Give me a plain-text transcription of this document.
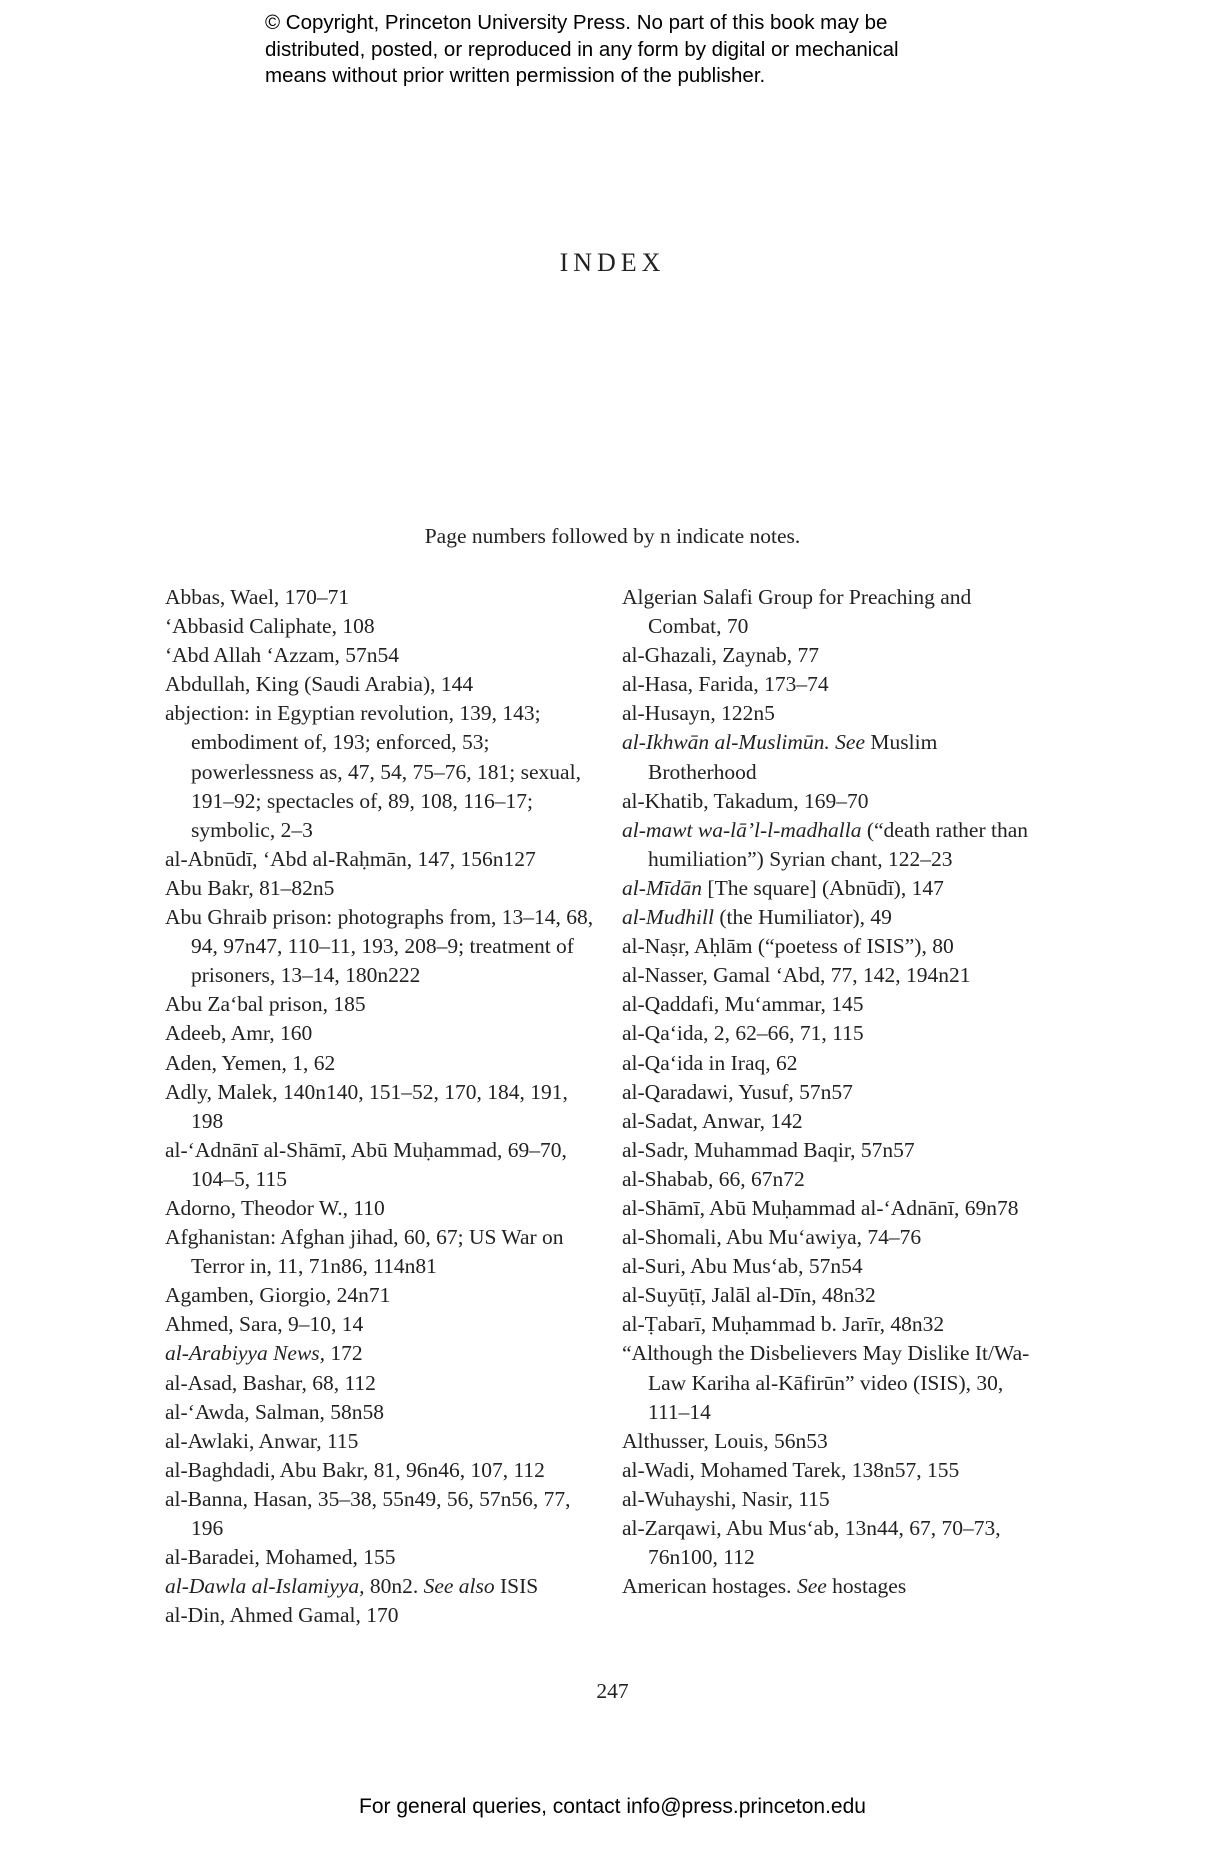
© Copyright, Princeton University Press. No part of this book may be
distributed, posted, or reproduced in any form by digital or mechanical
means without prior written permission of the publisher.
INDEX
Page numbers followed by n indicate notes.
Abbas, Wael, 170–71
ʻAbbasid Caliphate, 108
ʻAbd Allah ʻAzzam, 57n54
Abdullah, King (Saudi Arabia), 144
abjection: in Egyptian revolution, 139, 143; embodiment of, 193; enforced, 53; powerlessness as, 47, 54, 75–76, 181; sexual, 191–92; spectacles of, 89, 108, 116–17; symbolic, 2–3
al-Abnūdī, ʻAbd al-Raḥmān, 147, 156n127
Abu Bakr, 81–82n5
Abu Ghraib prison: photographs from, 13–14, 68, 94, 97n47, 110–11, 193, 208–9; treatment of prisoners, 13–14, 180n222
Abu Zaʻbal prison, 185
Adeeb, Amr, 160
Aden, Yemen, 1, 62
Adly, Malek, 140n140, 151–52, 170, 184, 191, 198
al-ʻAdnānī al-Shāmī, Abū Muḥammad, 69–70, 104–5, 115
Adorno, Theodor W., 110
Afghanistan: Afghan jihad, 60, 67; US War on Terror in, 11, 71n86, 114n81
Agamben, Giorgio, 24n71
Ahmed, Sara, 9–10, 14
al-Arabiyya News, 172
al-Asad, Bashar, 68, 112
al-ʻAwda, Salman, 58n58
al-Awlaki, Anwar, 115
al-Baghdadi, Abu Bakr, 81, 96n46, 107, 112
al-Banna, Hasan, 35–38, 55n49, 56, 57n56, 77, 196
al-Baradei, Mohamed, 155
al-Dawla al-Islamiyya, 80n2. See also ISIS
al-Din, Ahmed Gamal, 170
Algerian Salafi Group for Preaching and Combat, 70
al-Ghazali, Zaynab, 77
al-Hasa, Farida, 173–74
al-Husayn, 122n5
al-Ikhwān al-Muslimūn. See Muslim Brotherhood
al-Khatib, Takadum, 169–70
al-mawt wa-lāʼl-l-madhalla (“death rather than humiliation”) Syrian chant, 122–23
al-Mīdān [The square] (Abnūdī), 147
al-Mudhill (the Humiliator), 49
al-Naṣr, Aḥlām (“poetess of ISIS”), 80
al-Nasser, Gamal ʻAbd, 77, 142, 194n21
al-Qaddafi, Muʻammar, 145
al-Qaʻida, 2, 62–66, 71, 115
al-Qaʻida in Iraq, 62
al-Qaradawi, Yusuf, 57n57
al-Sadat, Anwar, 142
al-Sadr, Muhammad Baqir, 57n57
al-Shabab, 66, 67n72
al-Shāmī, Abū Muḥammad al-ʻAdnānī, 69n78
al-Shomali, Abu Muʻawiya, 74–76
al-Suri, Abu Musʻab, 57n54
al-Suyūṭī, Jalāl al-Dīn, 48n32
al-Ṭabarī, Muḥammad b. Jarīr, 48n32
“Although the Disbelievers May Dislike It/Wa-Law Kariha al-Kāfirūn” video (ISIS), 30, 111–14
Althusser, Louis, 56n53
al-Wadi, Mohamed Tarek, 138n57, 155
al-Wuhayshi, Nasir, 115
al-Zarqawi, Abu Musʻab, 13n44, 67, 70–73, 76n100, 112
American hostages. See hostages
247
For general queries, contact info@press.princeton.edu
